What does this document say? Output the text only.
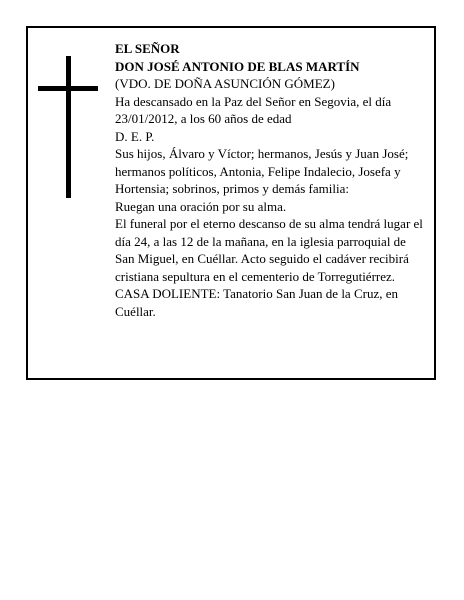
EL SEÑOR

DON JOSÉ ANTONIO DE BLAS MARTÍN

(VDO. DE DOÑA ASUNCIÓN GÓMEZ)

Ha descansado en la Paz del Señor en Segovia, el día 23/01/2012, a los 60 años de edad

D. E. P.

Sus hijos, Álvaro y Víctor; hermanos, Jesús y Juan José; hermanos políticos, Antonia, Felipe Indalecio, Josefa y Hortensia; sobrinos, primos y demás familia:

Ruegan una oración por su alma.

El funeral por el eterno descanso de su alma tendrá lugar el día 24, a las 12 de la mañana, en la iglesia parroquial de San Miguel, en Cuéllar. Acto seguido el cadáver recibirá cristiana sepultura en el cementerio de Torregutiérrez.

CASA DOLIENTE: Tanatorio San Juan de la Cruz, en Cuéllar.
